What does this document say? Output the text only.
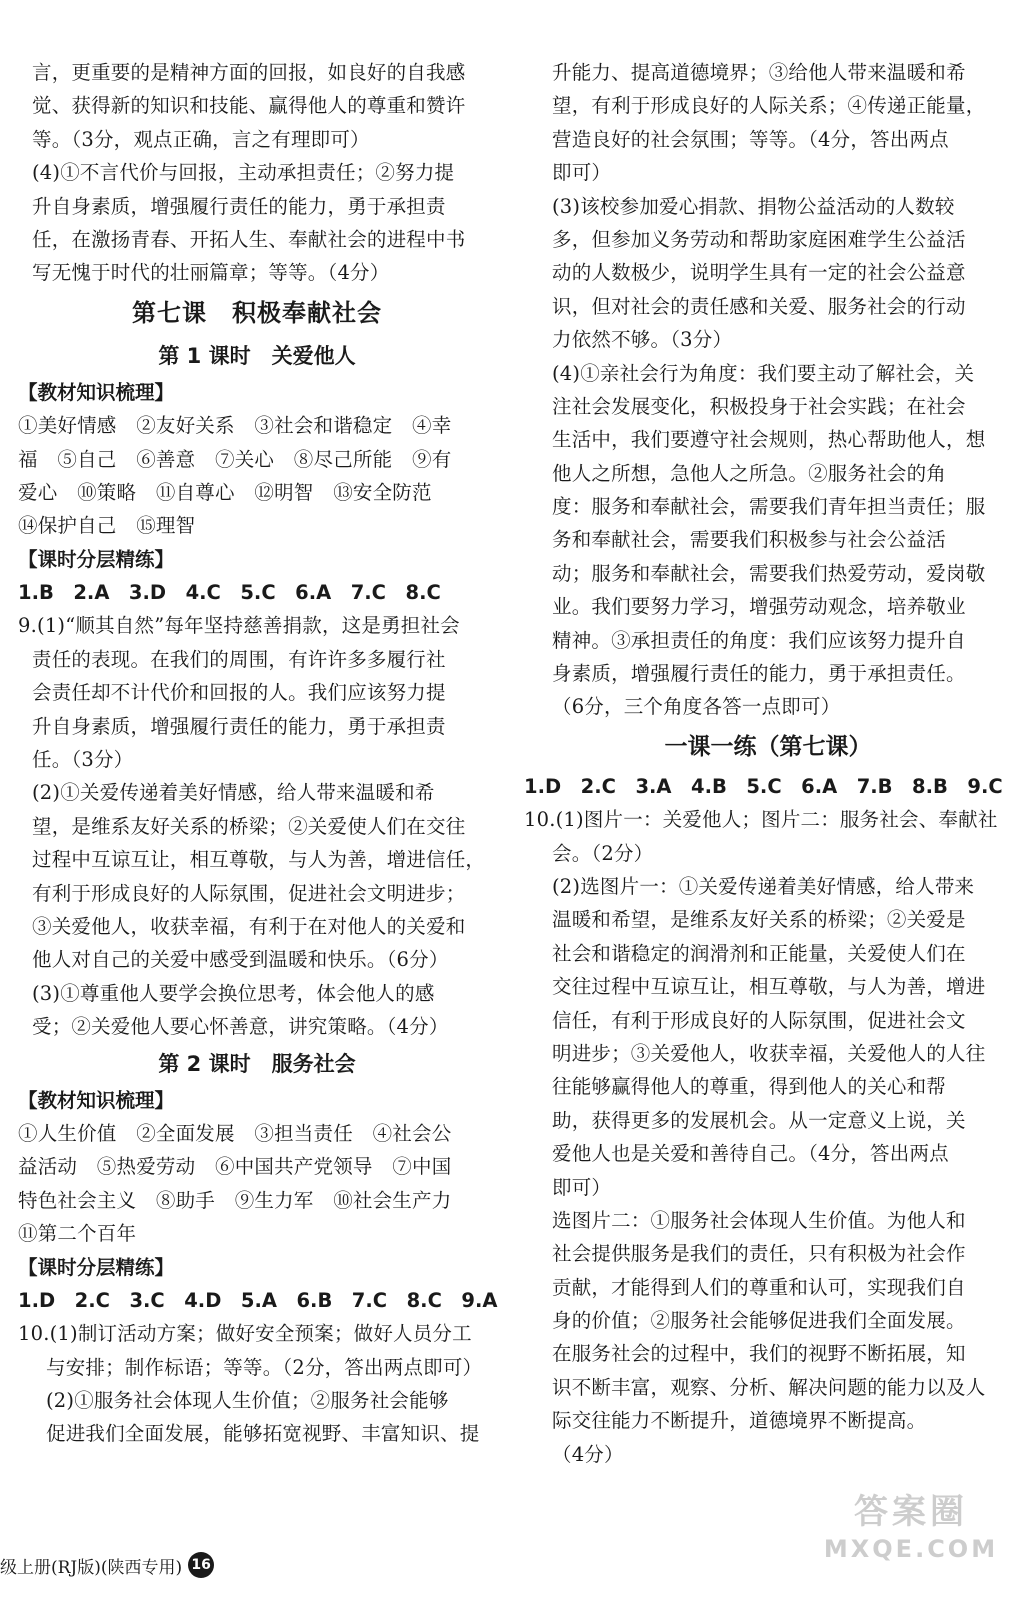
言，更重要的是精神方面的回报，如良好的自我感
觉、获得新的知识和技能、赢得他人的尊重和赞许
等。（3分，观点正确，言之有理即可）
(4)①不言代价与回报，主动承担责任；②努力提
升自身素质，增强履行责任的能力，勇于承担责
任，在激扬青春、开拓人生、奉献社会的进程中书
写无愧于时代的壮丽篇章；等等。（4分）
第七课　积极奉献社会
第 1 课时　关爱他人
【教材知识梳理】
①美好情感　②友好关系　③社会和谐稳定　④幸
福　⑤自己　⑥善意　⑦关心　⑧尽己所能　⑨有
爱心　⑩策略　⑪自尊心　⑫明智　⑬安全防范
⑭保护自己　⑮理智
【课时分层精练】
1.B　2.A　3.D　4.C　5.C　6.A　7.C　8.C
9.(1)“顺其自然”每年坚持慈善捐款，这是勇担社会
责任的表现。在我们的周围，有许许多多履行社
会责任却不计代价和回报的人。我们应该努力提
升自身素质，增强履行责任的能力，勇于承担责
任。（3分）
(2)①关爱传递着美好情感，给人带来温暖和希
望，是维系友好关系的桥梁；②关爱使人们在交往
过程中互谅互让，相互尊敬，与人为善，增进信任，
有利于形成良好的人际氛围，促进社会文明进步；
③关爱他人，收获幸福，有利于在对他人的关爱和
他人对自己的关爱中感受到温暖和快乐。（6分）
(3)①尊重他人要学会换位思考，体会他人的感
受；②关爱他人要心怀善意，讲究策略。（4分）
第 2 课时　服务社会
【教材知识梳理】
①人生价值　②全面发展　③担当责任　④社会公
益活动　⑤热爱劳动　⑥中国共产党领导　⑦中国
特色社会主义　⑧助手　⑨生力军　⑩社会生产力
⑪第二个百年
【课时分层精练】
1.D　2.C　3.C　4.D　5.A　6.B　7.C　8.C　9.A
10.(1)制订活动方案；做好安全预案；做好人员分工
与安排；制作标语；等等。（2分，答出两点即可）
(2)①服务社会体现人生价值；②服务社会能够
促进我们全面发展，能够拓宽视野、丰富知识、提
升能力、提高道德境界；③给他人带来温暖和希
望，有利于形成良好的人际关系；④传递正能量，
营造良好的社会氛围；等等。（4分，答出两点
即可）
(3)该校参加爱心捐款、捐物公益活动的人数较
多，但参加义务劳动和帮助家庭困难学生公益活
动的人数极少，说明学生具有一定的社会公益意
识，但对社会的责任感和关爱、服务社会的行动
力依然不够。（3分）
(4)①亲社会行为角度：我们要主动了解社会，关
注社会发展变化，积极投身于社会实践；在社会
生活中，我们要遵守社会规则，热心帮助他人，想
他人之所想，急他人之所急。②服务社会的角
度：服务和奉献社会，需要我们青年担当责任；服
务和奉献社会，需要我们积极参与社会公益活
动；服务和奉献社会，需要我们热爱劳动，爱岗敬
业。我们要努力学习，增强劳动观念，培养敬业
精神。③承担责任的角度：我们应该努力提升自
身素质，增强履行责任的能力，勇于承担责任。
（6分，三个角度各答一点即可）
一课一练（第七课）
1.D　2.C　3.A　4.B　5.C　6.A　7.B　8.B　9.C
10.(1)图片一：关爱他人；图片二：服务社会、奉献社
会。（2分）
(2)选图片一：①关爱传递着美好情感，给人带来
温暖和希望，是维系友好关系的桥梁；②关爱是
社会和谐稳定的润滑剂和正能量，关爱使人们在
交往过程中互谅互让，相互尊敬，与人为善，增进
信任，有利于形成良好的人际氛围，促进社会文
明进步；③关爱他人，收获幸福，关爱他人的人往
往能够赢得他人的尊重，得到他人的关心和帮
助，获得更多的发展机会。从一定意义上说，关
爱他人也是关爱和善待自己。（4分，答出两点
即可）
选图片二：①服务社会体现人生价值。为他人和
社会提供服务是我们的责任，只有积极为社会作
贡献，才能得到人们的尊重和认可，实现我们自
身的价值；②服务社会能够促进我们全面发展。
在服务社会的过程中，我们的视野不断拓展，知
识不断丰富，观察、分析、解决问题的能力以及人
际交往能力不断提升，道德境界不断提高。
（4分）
级上册(RJ版)(陕西专用) 16
答案圈
MXQE.COM
